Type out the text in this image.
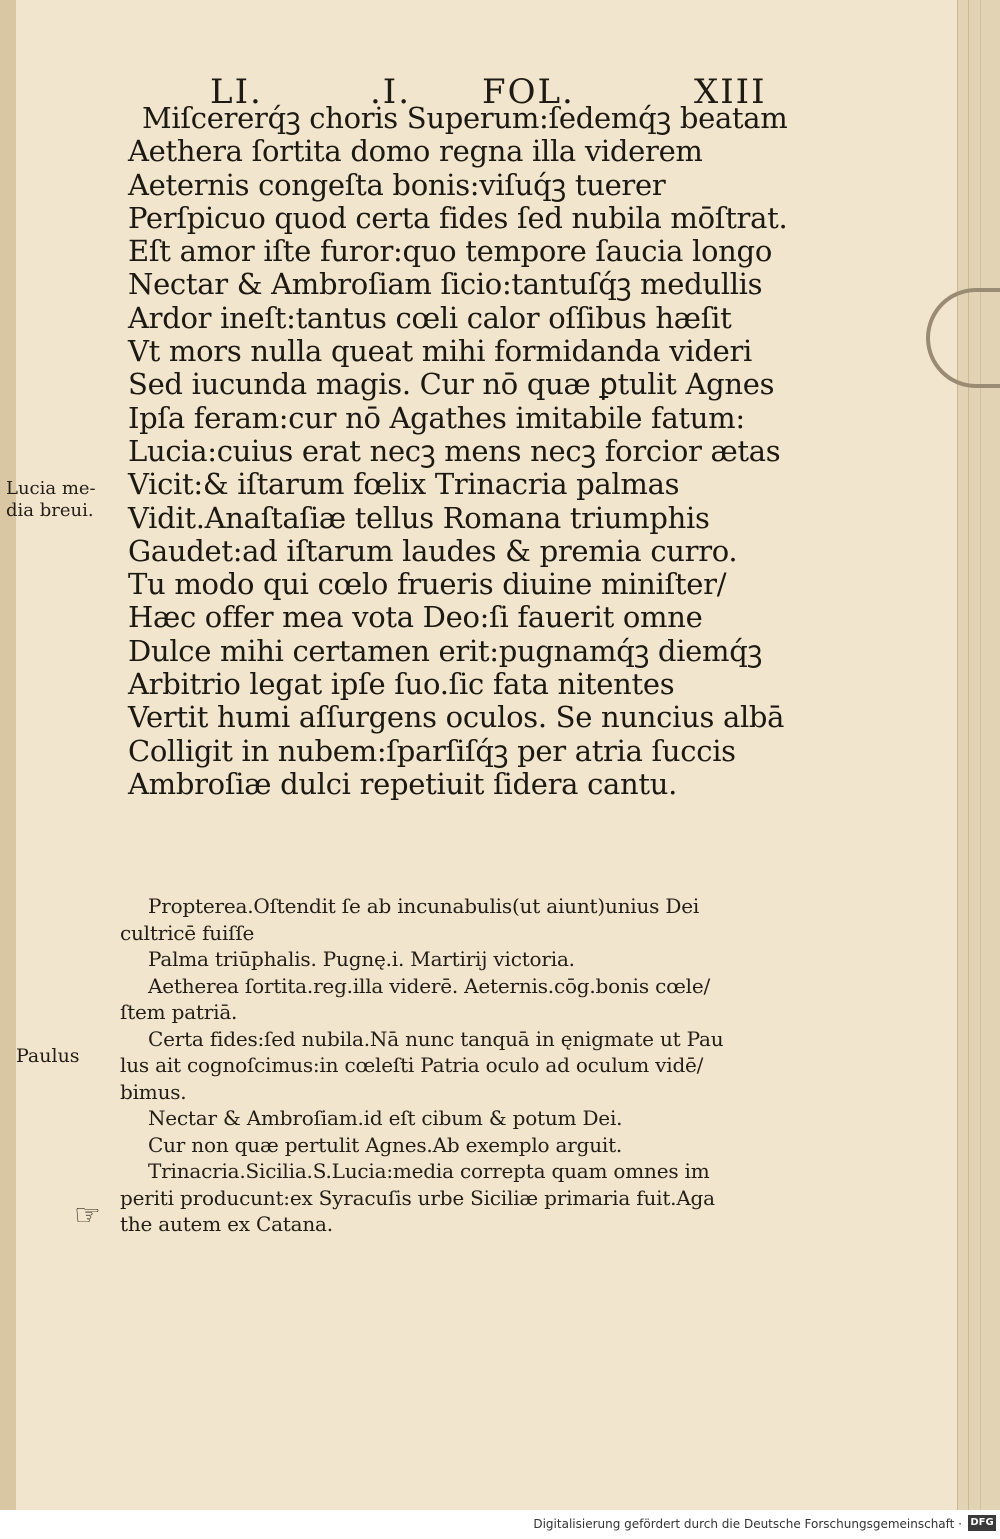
LI.	.I. FOL.	XIII
Miſcererq́ꝫ choris Superum:ſedemq́ꝫ beatam
Aethera ſortita domo regna illa viderem
Aeternis congeſta bonis:viſuq́ꝫ tuerer
Perſpicuo quod certa fides ſed nubila mōſtrat.
Eſt amor iſte furor:quo tempore ſaucia longo
Nectar & Ambroſiam ſicio:tantuſq́ꝫ medullis
Ardor ineſt:tantus cœli calor oſſibus hæſit
Vt mors nulla queat mihi formidanda videri
Sed iucunda magis. Cur nō quæ ꝑtulit Agnes
Ipſa feram:cur nō Agathes imitabile fatum:
Lucia:cuius erat necꝫ mens necꝫ forcior ætas
Vicit:& iſtarum fœlix Trinacria palmas
Vidit.Anaſtaſiæ tellus Romana triumphis
Gaudet:ad iſtarum laudes & premia curro.
Tu modo qui cœlo frueris diuine miniſter/
Hæc offer mea vota Deo:ſi fauerit omne
Dulce mihi certamen erit:pugnamq́ꝫ diemq́ꝫ
Arbitrio legat ipſe ſuo.ſic fata nitentes
Vertit humi aſſurgens oculos. Se nuncius albā
Colligit in nubem:ſparſiſq́ꝫ per atria ſuccis
Ambroſiæ dulci repetiuit ſidera cantu.
Lucia me-
dia breui.
Propterea.Oſtendit ſe ab incunabulis(ut aiunt)unius Dei
cultricē fuiſſe
Palma triūphalis. Pugnę.i. Martirij victoria.
Aetherea ſortita.reg.illa viderē. Aeternis.cōg.bonis cœle/
ſtem patriā.
Certa fides:ſed nubila.Nā nunc tanquā in ęnigmate ut Pau
lus ait cognoſcimus:in cœleſti Patria oculo ad oculum vidē/
bimus.
Nectar & Ambroſiam.id eſt cibum & potum Dei.
Cur non quæ pertulit Agnes.Ab exemplo arguit.
Trinacria.Sicilia.S.Lucia:media correpta quam omnes im
periti producunt:ex Syracuſis urbe Siciliæ primaria fuit.Aga
the autem ex Catana.
Paulus
☞
Digitalisierung gefördert durch die Deutsche Forschungsgemeinschaft · DFG
